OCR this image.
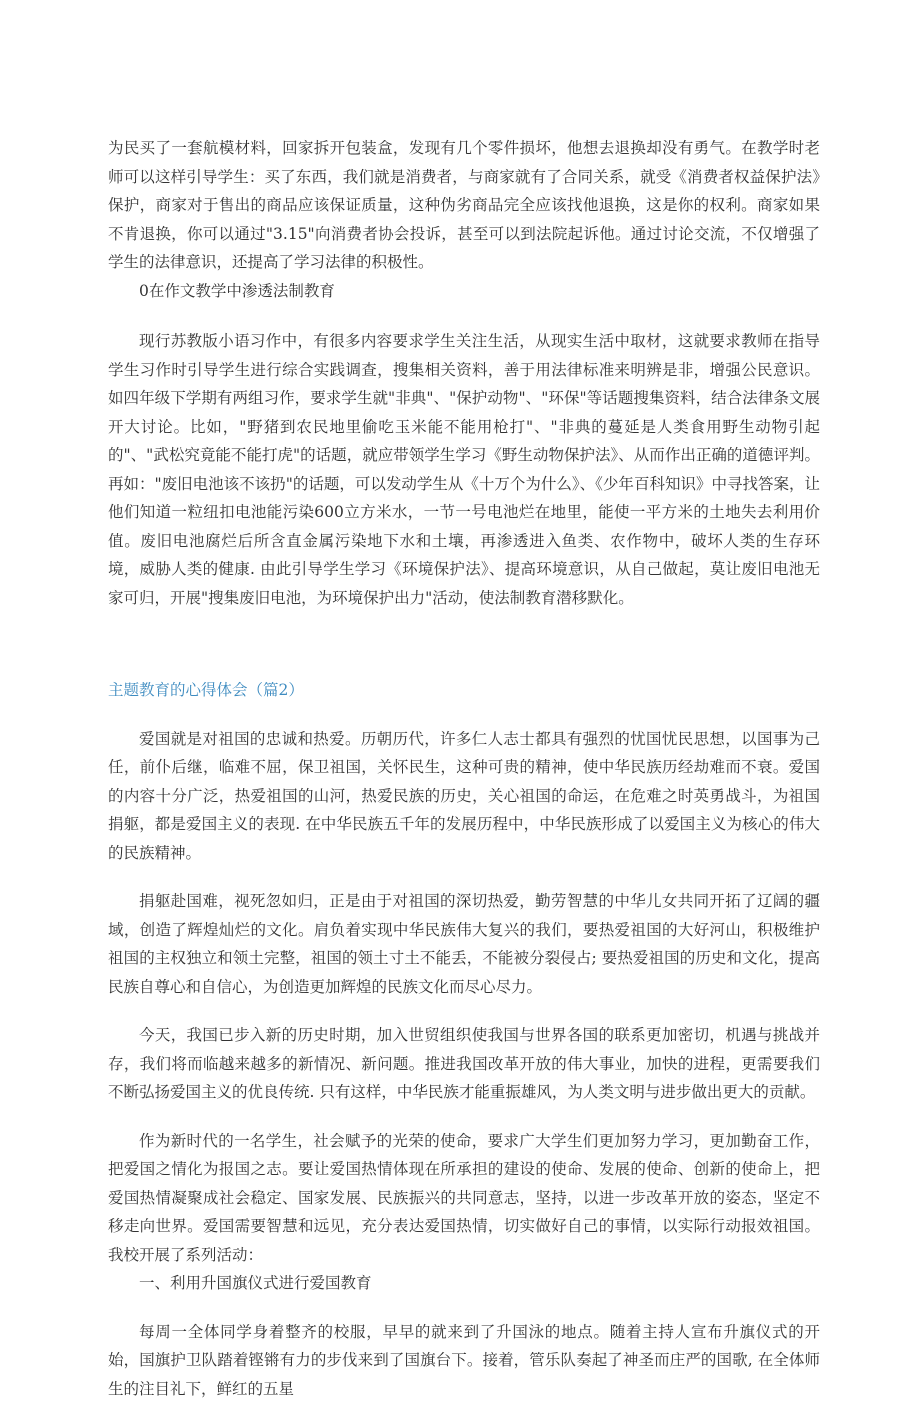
为民买了一套航模材料，回家拆开包装盒，发现有几个零件损坏，他想去退换却没有勇气。在教学时老师可以这样引导学生：买了东西，我们就是消费者，与商家就有了合同关系，就受《消费者权益保护法》保护，商家对于售出的商品应该保证质量，这种伪劣商品完全应该找他退换，这是你的权利。商家如果不肯退换，你可以通过"3.15"向消费者协会投诉，甚至可以到法院起诉他。通过讨论交流，不仅增强了学生的法律意识，还提高了学习法律的积极性。

0在作文教学中渗透法制教育

现行苏教版小语习作中，有很多内容要求学生关注生活，从现实生活中取材，这就要求教师在指导学生习作时引导学生进行综合实践调查，搜集相关资料，善于用法律标准来明辨是非，增强公民意识。如四年级下学期有两组习作，要求学生就"非典"、"保护动物"、"环保"等话题搜集资料，结合法律条文展开大讨论。比如，"野猪到农民地里偷吃玉米能不能用枪打"、"非典的蔓延是人类食用野生动物引起的"、"武松究竟能不能打虎"的话题，就应带领学生学习《野生动物保护法》、从而作出正确的道德评判。再如："废旧电池该不该扔"的话题，可以发动学生从《十万个为什么》、《少年百科知识》中寻找答案，让他们知道一粒纽扣电池能污染600立方米水，一节一号电池烂在地里，能使一平方米的土地失去利用价值。废旧电池腐烂后所含直金属污染地下水和土壤，再渗透进入鱼类、农作物中，破坏人类的生存环境，威胁人类的健康. 由此引导学生学习《环境保护法》、提高环境意识，从自己做起，莫让废旧电池无家可归，开展"搜集废旧电池，为环境保护出力"活动，使法制教育潜移默化。

主题教育的心得体会（篇2）

爱国就是对祖国的忠诚和热爱。历朝历代，许多仁人志士都具有强烈的忧国忧民思想，以国事为己任，前仆后继，临难不屈，保卫祖国，关怀民生，这种可贵的精神，使中华民族历经劫难而不衰。爱国的内容十分广泛，热爱祖国的山河，热爱民族的历史，关心祖国的命运，在危难之时英勇战斗，为祖国捐躯，都是爱国主义的表现. 在中华民族五千年的发展历程中，中华民族形成了以爱国主义为核心的伟大的民族精神。

捐躯赴国难，视死忽如归，正是由于对祖国的深切热爱，勤劳智慧的中华儿女共同开拓了辽阔的疆域，创造了辉煌灿烂的文化。肩负着实现中华民族伟大复兴的我们，要热爱祖国的大好河山，积极维护祖国的主权独立和领土完整，祖国的领土寸土不能丢，不能被分裂侵占; 要热爱祖国的历史和文化，提高民族自尊心和自信心，为创造更加辉煌的民族文化而尽心尽力。

今天，我国已步入新的历史时期，加入世贸组织使我国与世界各国的联系更加密切，机遇与挑战并存，我们将而临越来越多的新情况、新问题。推进我国改革开放的伟大事业，加快的进程，更需要我们不断弘扬爱国主义的优良传统. 只有这样，中华民族才能重振雄风，为人类文明与进步做出更大的贡献。

作为新时代的一名学生，社会赋予的光荣的使命，要求广大学生们更加努力学习，更加勤奋工作，把爱国之情化为报国之志。要让爱国热情体现在所承担的建设的使命、发展的使命、创新的使命上，把爱国热情凝聚成社会稳定、国家发展、民族振兴的共同意志，坚持，以进一步改革开放的姿态，坚定不移走向世界。爱国需要智慧和远见，充分表达爱国热情，切实做好自己的事情，以实际行动报效祖国。我校开展了系列活动：

一、利用升国旗仪式进行爱国教育

每周一全体同学身着整齐的校服，早早的就来到了升国泳的地点。随着主持人宣布升旗仪式的开始，国旗护卫队踏着铿锵有力的步伐来到了国旗台下。接着，管乐队奏起了神圣而庄严的国歌, 在全体师生的注目礼下，鲜红的五星
